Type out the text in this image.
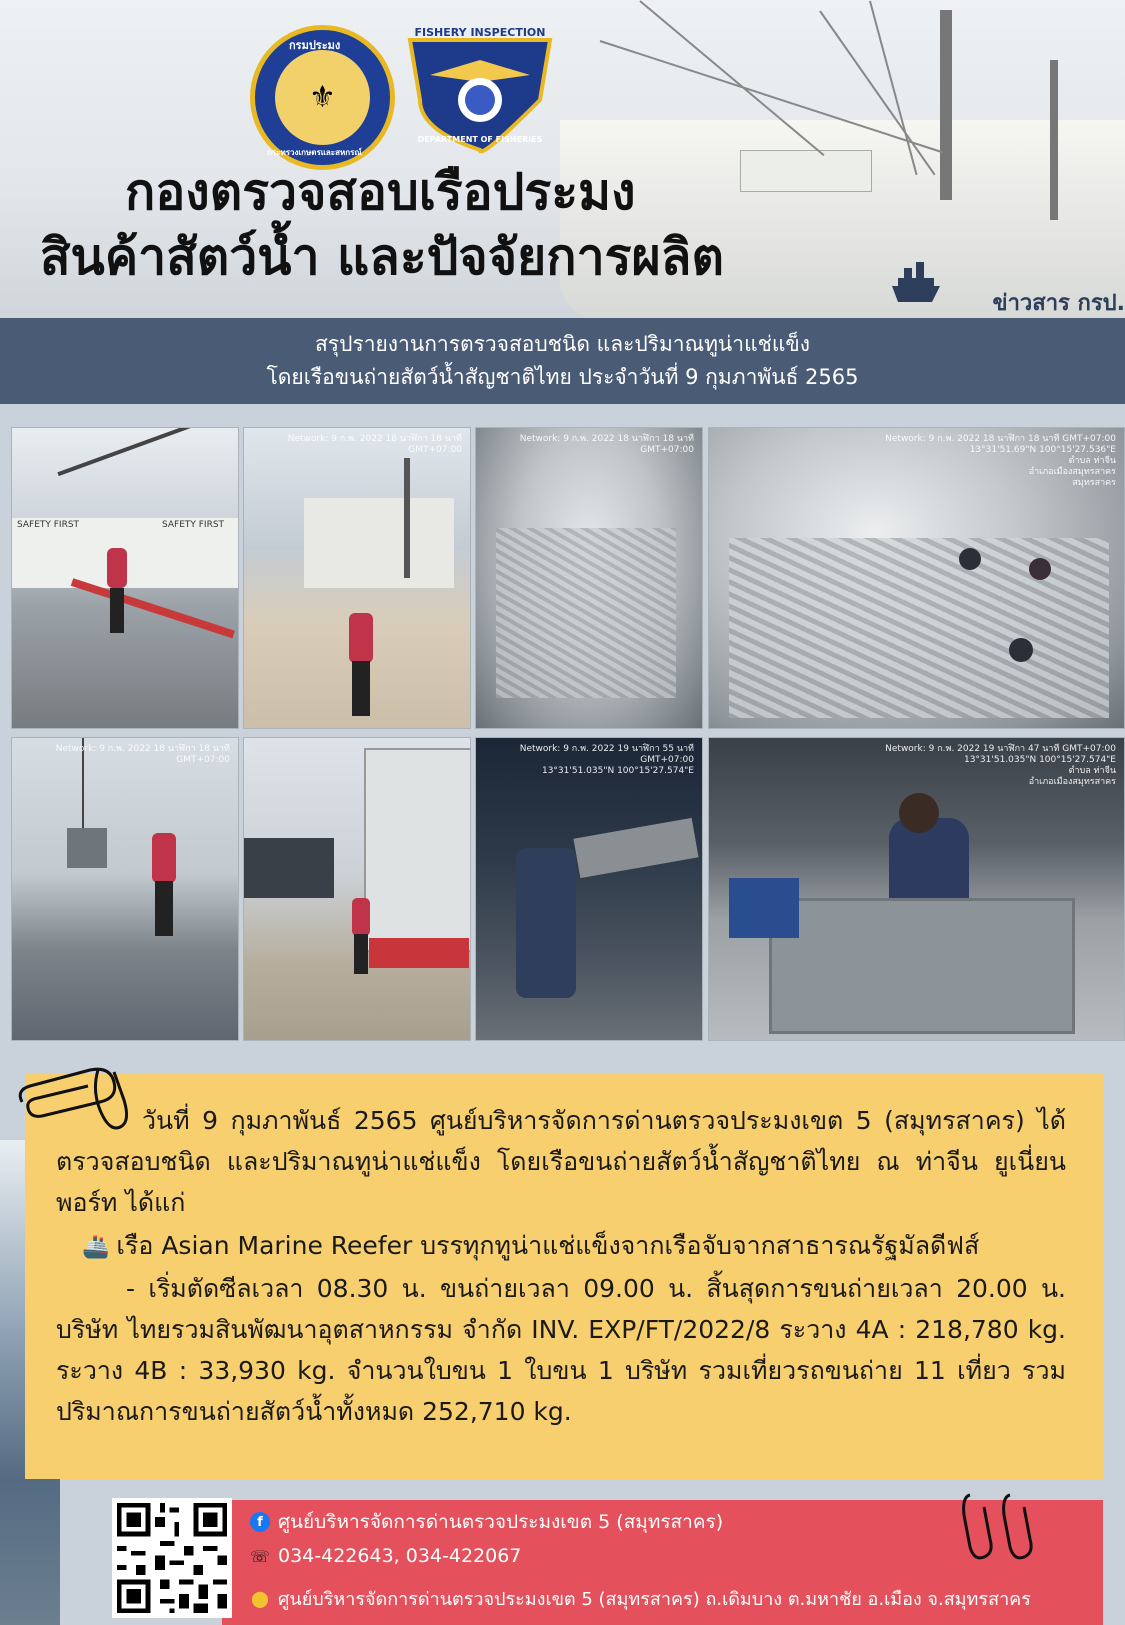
⚜
กรมประมง
กระทรวงเกษตรและสหกรณ์
FISHERY INSPECTION
DEPARTMENT OF FISHERIES
กองตรวจสอบเรือประมง
สินค้าสัตว์น้ำ และปัจจัยการผลิต
ข่าวสาร กรป.
สรุปรายงานการตรวจสอบชนิด และปริมาณทูน่าแช่แข็ง
โดยเรือขนถ่ายสัตว์น้ำสัญชาติไทย ประจำวันที่ 9 กุมภาพันธ์ 2565
SAFETY FIRST	SAFETY FIRST
Network: 9 ก.พ. 2022 18 นาฬิกา 18 นาที GMT+07:00
Network: 9 ก.พ. 2022 18 นาฬิกา 18 นาที GMT+07:00
Network: 9 ก.พ. 2022 18 นาฬิกา 18 นาที GMT+07:00
13°31'51.69"N 100°15'27.536"E
ตำบล ท่าจีน
อำเภอเมืองสมุทรสาคร
สมุทรสาคร
Network: 9 ก.พ. 2022 18 นาฬิกา 18 นาที GMT+07:00
Network: 9 ก.พ. 2022 19 นาฬิกา 55 นาที GMT+07:00
13°31'51.035"N 100°15'27.574"E
Network: 9 ก.พ. 2022 19 นาฬิกา 47 นาที GMT+07:00
13°31'51.035"N 100°15'27.574"E
ตำบล ท่าจีน
อำเภอเมืองสมุทรสาคร

วันที่ 9 กุมภาพันธ์ 2565 ศูนย์บริหารจัดการด่านตรวจประมงเขต 5 (สมุทรสาคร) ได้ตรวจสอบชนิด และปริมาณทูน่าแช่แข็ง โดยเรือขนถ่ายสัตว์น้ำสัญชาติไทย ณ ท่าจีน ยูเนี่ยน พอร์ท ได้แก่

🚢 เรือ Asian Marine Reefer บรรทุกทูน่าแช่แข็งจากเรือจับจากสาธารณรัฐมัลดีฟส์

- เริ่มตัดซีลเวลา 08.30 น. ขนถ่ายเวลา 09.00 น. สิ้นสุดการขนถ่ายเวลา 20.00 น. บริษัท ไทยรวมสินพัฒนาอุตสาหกรรม จำกัด INV. EXP/FT/2022/8 ระวาง 4A : 218,780 kg. ระวาง 4B : 33,930 kg. จำนวนใบขน 1 ใบขน 1 บริษัท รวมเที่ยวรถขนถ่าย 11 เที่ยว รวมปริมาณการขนถ่ายสัตว์น้ำทั้งหมด 252,710 kg.

f ศูนย์บริหารจัดการด่านตรวจประมงเขต 5 (สมุทรสาคร)
☏ 034-422643, 034-422067
⬤ ศูนย์บริหารจัดการด่านตรวจประมงเขต 5 (สมุทรสาคร) ถ.เดิมบาง ต.มหาชัย อ.เมือง จ.สมุทรสาคร
